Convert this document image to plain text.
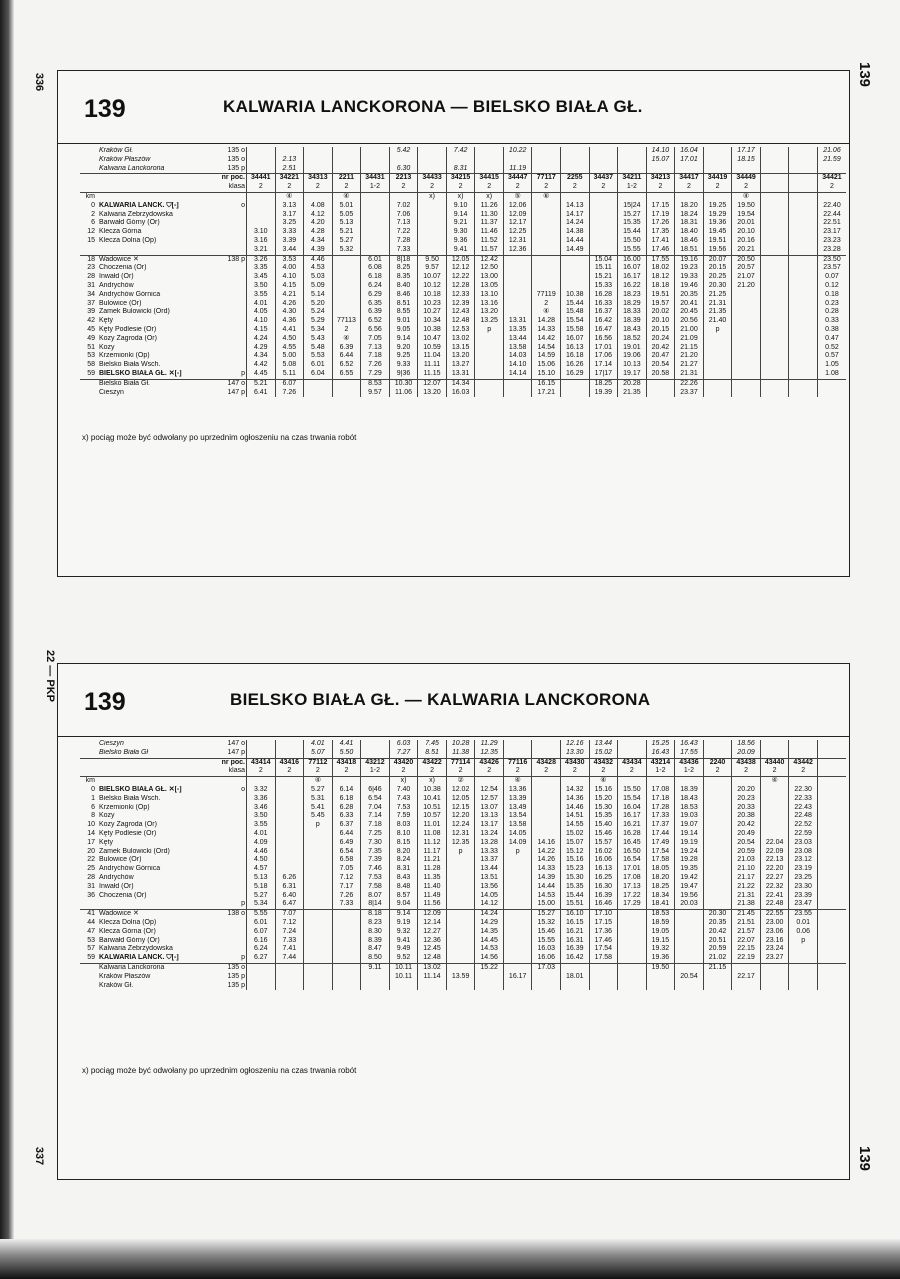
336
22 — PKP
337
139
139
139	KALWARIA LANCKORONA — BIELSKO BIAŁA GŁ.
	Kraków Gł.	135 o						5.42		7.42		10.22					14.10	16.04		17.17			21.06
	Kraków Płaszów	135 o		2.13													15.07	17.01		18.15			21.59
	Kalwaria Lanckorona	135 p		2.51				6.30		8.31		11.19											
		nr poc.	34441	34221	34313	2211	34431	2213	34433	34215	34415	34447	77117	2255	34437	34211	34213	34417	34419	34449			34421
		klasa	2	2	2	2	1-2	2	2	2	2	2	2	2	2	1-2	2	2	2	2			2
km				④		④			x)	x)	x)	⑤	⑥							④			
0	KALWARIA LANCK. ⛉[-]	o		3.13	4.08	5.01		7.02		9.10	11.26	12.06		14.13		15|24	17.15	18.20	19.25	19.50			22.40
2	Kalwaria Zebrzydowska			3.17	4.12	5.05		7.06		9.14	11.30	12.09		14.17		15.27	17.19	18.24	19.29	19.54			22.44
6	Barwałd Górny (Or)			3.25	4.20	5.13		7.13		9.21	11.37	12.17		14.24		15.35	17.26	18.31	19.36	20.01			22.51
12	Klecza Górna		3.10	3.33	4.28	5.21		7.22		9.30	11.46	12.25		14.38		15.44	17.35	18.40	19.45	20.10			23.17
15	Klecza Dolna (Op)		3.16	3.39	4.34	5.27		7.28		9.36	11.52	12.31		14.44		15.50	17.41	18.46	19.51	20.16			23.23
			3.21	3.44	4.39	5.32		7.33		9.41	11.57	12.36		14.49		15.55	17.46	18.51	19.56	20.21			23.28
18	Wadowice ✕	138 p	3.26	3.53	4.46		6.01	8|18	9.50	12.05	12.42				15.04	16.00	17.55	19.16	20.07	20.50			23.50
23	Choczenia (Or)		3.35	4.00	4.53		6.08	8.25	9.57	12.12	12.50				15.11	16.07	18.02	19.23	20.15	20.57			23.57
28	Inwałd (Or)		3.45	4.10	5.03		6.18	8.35	10.07	12.22	13.00				15.21	16.17	18.12	19.33	20.25	21.07			0.07
31	Andrychów		3.50	4.15	5.09		6.24	8.40	10.12	12.28	13.05				15.33	16.22	18.18	19.46	20.30	21.20			0.12
34	Andrychów Górnica		3.55	4.21	5.14		6.29	8.46	10.18	12.33	13.10		77119	10.38	16.28	18.23	19.51	20.35	21.25				0.18
37	Bulowice (Or)		4.01	4.26	5.20		6.35	8.51	10.23	12.39	13.16		2	15.44	16.33	18.29	19.57	20.41	21.31				0.23
39	Zamek Bulowicki (Ord)		4.05	4.30	5.24		6.39	8.55	10.27	12.43	13.20		④	15.48	16.37	18.33	20.02	20.45	21.35				0.28
42	Kęty		4.10	4.36	5.29	77113	6.52	9.01	10.34	12.48	13.25	13.31	14.28	15.54	16.42	18.39	20.10	20.56	21.40				0.33
45	Kęty Podlesie (Or)		4.15	4.41	5.34	2	6.56	9.05	10.38	12.53	p	13.35	14.33	15.58	16.47	18.43	20.15	21.00	p				0.38
49	Kozy Zagroda (Or)		4.24	4.50	5.43	④	7.05	9.14	10.47	13.02		13.44	14.42	16.07	16.56	18.52	20.24	21.09					0.47
51	Kozy		4.29	4.55	5.48	6.39	7.13	9.20	10.59	13.15		13.58	14.54	16.13	17.01	19.01	20.42	21.15					0.52
53	Krzemionki (Op)		4.34	5.00	5.53	6.44	7.18	9.25	11.04	13.20		14.03	14.59	16.18	17.06	19.06	20.47	21.20					0.57
58	Bielsko Biała Wsch.		4.42	5.08	6.01	6.52	7.26	9.33	11.11	13.27		14.10	15.06	16.26	17.14	10.13	20.54	21.27					1.05
59	BIELSKO BIAŁA GŁ. ✕[-]	p	4.45	5.11	6.04	6.55	7.29	9|36	11.15	13.31		14.14	15.10	16.29	17|17	19.17	20.58	21.31					1.08
	Bielsko Biała Gł.	147 o	5.21	6.07			8.53	10.30	12.07	14.34			16.15		18.25	20.28		22.26					
	Cieszyn	147 p	6.41	7.26			9.57	11.06	13.20	16.03			17.21		19.39	21.35		23.37					
x) pociąg może być odwołany po uprzednim ogłoszeniu na czas trwania robót
139	BIELSKO BIAŁA GŁ. — KALWARIA LANCKORONA
	Cieszyn	147 o			4.01	4.41		6.03	7.45	10.28	11.29			12.16	13.44		15.25	16.43		18.56			
	Bielsko Biała Gł	147 p			5.07	5.50		7.27	8.51	11.38	12.35			13.30	15.02		16.43	17.55		20.09			
		nr poc.	43414	43416	77112	43418	43212	43420	43422	77114	43426	77116	43428	43430	43432	43434	43214	43436	2240	43438	43440	43442	
		klasa	2	2	2	2	1-2	2	2	2	2	2	2	2	2	2	1-2	1-2	2	2	2	2	
km					④			x)	x)	②		④			④						④		
0	BIELSKO BIAŁA GŁ. ✕[-]	o	3.32		5.27	6.14	6|46	7.40	10.38	12.02	12.54	13.36		14.32	15.16	15.50	17.08	18.39		20.20		22.30	
1	Bielsko Biała Wsch.		3.36		5.31	6.18	6.54	7.43	10.41	12.05	12.57	13.39		14.36	15.20	15.54	17.18	18.43		20.23		22.33	
6	Krzemionki (Op)		3.46		5.41	6.28	7.04	7.53	10.51	12.15	13.07	13.49		14.46	15.30	16.04	17.28	18.53		20.33		22.43	
8	Kozy		3.50		5.45	6.33	7.14	7.59	10.57	12.20	13.13	13.54		14.51	15.35	16.17	17.33	19.03		20.38		22.48	
10	Kozy Zagroda (Or)		3.55		p	6.37	7.18	8.03	11.01	12.24	13.17	13.58		14.55	15.40	16.21	17.37	19.07		20.42		22.52	
14	Kęty Podlesie (Or)		4.01			6.44	7.25	8.10	11.08	12.31	13.24	14.05		15.02	15.46	16.28	17.44	19.14		20.49		22.59	
17	Kęty		4.09			6.49	7.30	8.15	11.12	12.35	13.28	14.09	14.16	15.07	15.57	16.45	17.49	19.19		20.54	22.04	23.03	
20	Zamek Bulowicki (Ord)		4.46			6.54	7.35	8.20	11.17	p	13.33	p	14.22	15.12	16.02	16.50	17.54	19.24		20.59	22.09	23.08	
22	Bulowice (Or)		4.50			6.58	7.39	8.24	11.21		13.37		14.26	15.16	16.06	16.54	17.58	19.28		21.03	22.13	23.12	
25	Andrychów Górnica		4.57			7.05	7.46	8.31	11.28		13.44		14.33	15.23	16.13	17.01	18.05	19.35		21.10	22.20	23.19	
28	Andrychów		5.13	6.26		7.12	7.53	8.43	11.35		13.51		14.39	15.30	16.25	17.08	18.20	19.42		21.17	22.27	23.25	
31	Inwałd (Or)		5.18	6.31		7.17	7.58	8.48	11.40		13.56		14.44	15.35	16.30	17.13	18.25	19.47		21.22	22.32	23.30	
36	Choczenia (Or)		5.27	6.40		7.26	8.07	8.57	11.49		14.05		14.53	15.44	16.39	17.22	18.34	19.56		21.31	22.41	23.39	
		p	5.34	6.47		7.33	8|14	9.04	11.56		14.12		15.00	15.51	16.46	17.29	18.41	20.03		21.38	22.48	23.47	
41	Wadowice ✕	138 o	5.55	7.07			8.18	9.14	12.09		14.24		15.27	16.10	17.10		18.53		20.30	21.45	22.55	23.55	
44	Klecza Dolna (Op)		6.01	7.12			8.23	9.19	12.14		14.29		15.32	16.15	17.15		18.59		20.35	21.51	23.00	0.01	
47	Klecza Górna (Or)		6.07	7.24			8.30	9.32	12.27		14.35		15.46	16.21	17.36		19.05		20.42	21.57	23.06	0.06	
53	Barwałd Górny (Or)		6.16	7.33			8.39	9.41	12.36		14.45		15.55	16.31	17.46		19.15		20.51	22.07	23.16	p	
57	Kalwaria Zebrzydowska		6.24	7.41			8.47	9.49	12.45		14.53		16.03	16.39	17.54		19.32		20.59	22.15	23.24		
59	KALWARIA LANCK. ⛉[-]	p	6.27	7.44			8.50	9.52	12.48		14.56		16.06	16.42	17.58		19.36		21.02	22.19	23.27		
	Kalwaria Lanckorona	135 o					9.11	10.11	13.02		15.22		17.03				19.50		21.15				
	Kraków Płaszów	135 p						10.11	11.14	13.59		16.17		18.01				20.54		22.17			
	Kraków Gł.	135 p																					
x) pociąg może być odwołany po uprzednim ogłoszeniu na czas trwania robót
